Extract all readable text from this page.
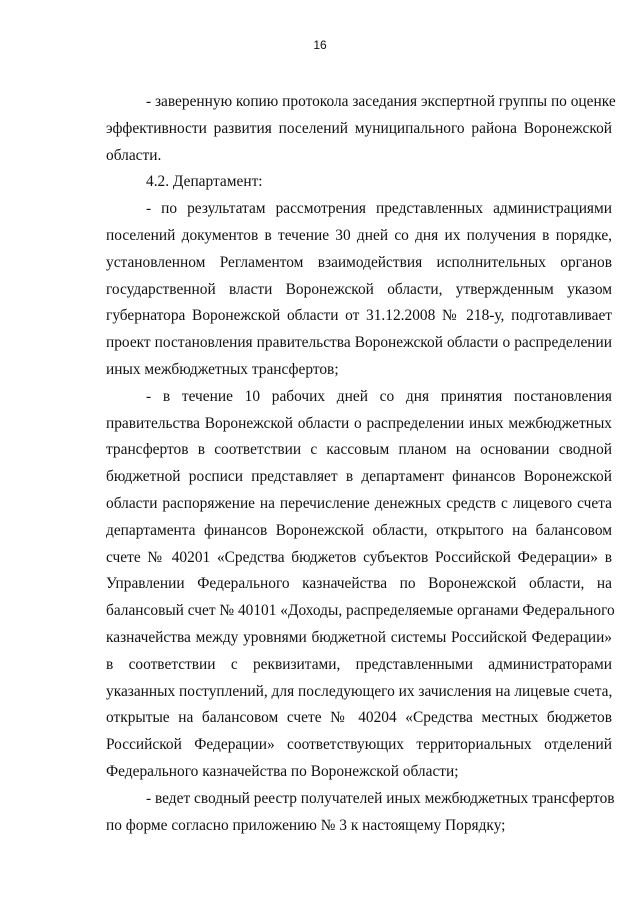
16
- заверенную копию протокола заседания экспертной группы по оценке
эффективности развития поселений муниципального района Воронежской
области.
4.2. Департамент:
- по результатам рассмотрения представленных администрациями
поселений документов в течение 30 дней со дня их получения в порядке,
установленном Регламентом взаимодействия исполнительных органов
государственной власти Воронежской области, утвержденным указом
губернатора Воронежской области от 31.12.2008 № 218-у, подготавливает
проект постановления правительства Воронежской области о распределении
иных межбюджетных трансфертов;
- в течение 10 рабочих дней со дня принятия постановления
правительства Воронежской области о распределении иных межбюджетных
трансфертов в соответствии с кассовым планом на основании сводной
бюджетной росписи представляет в департамент финансов Воронежской
области распоряжение на перечисление денежных средств с лицевого счета
департамента финансов Воронежской области, открытого на балансовом
счете № 40201 «Средства бюджетов субъектов Российской Федерации» в
Управлении Федерального казначейства по Воронежской области, на
балансовый счет № 40101 «Доходы, распределяемые органами Федерального
казначейства между уровнями бюджетной системы Российской Федерации»
в соответствии с реквизитами, представленными администраторами
указанных поступлений, для последующего их зачисления на лицевые счета,
открытые на балансовом счете № 40204 «Средства местных бюджетов
Российской Федерации» соответствующих территориальных отделений
Федерального казначейства по Воронежской области;
- ведет сводный реестр получателей иных межбюджетных трансфертов
по форме согласно приложению № 3 к настоящему Порядку;
